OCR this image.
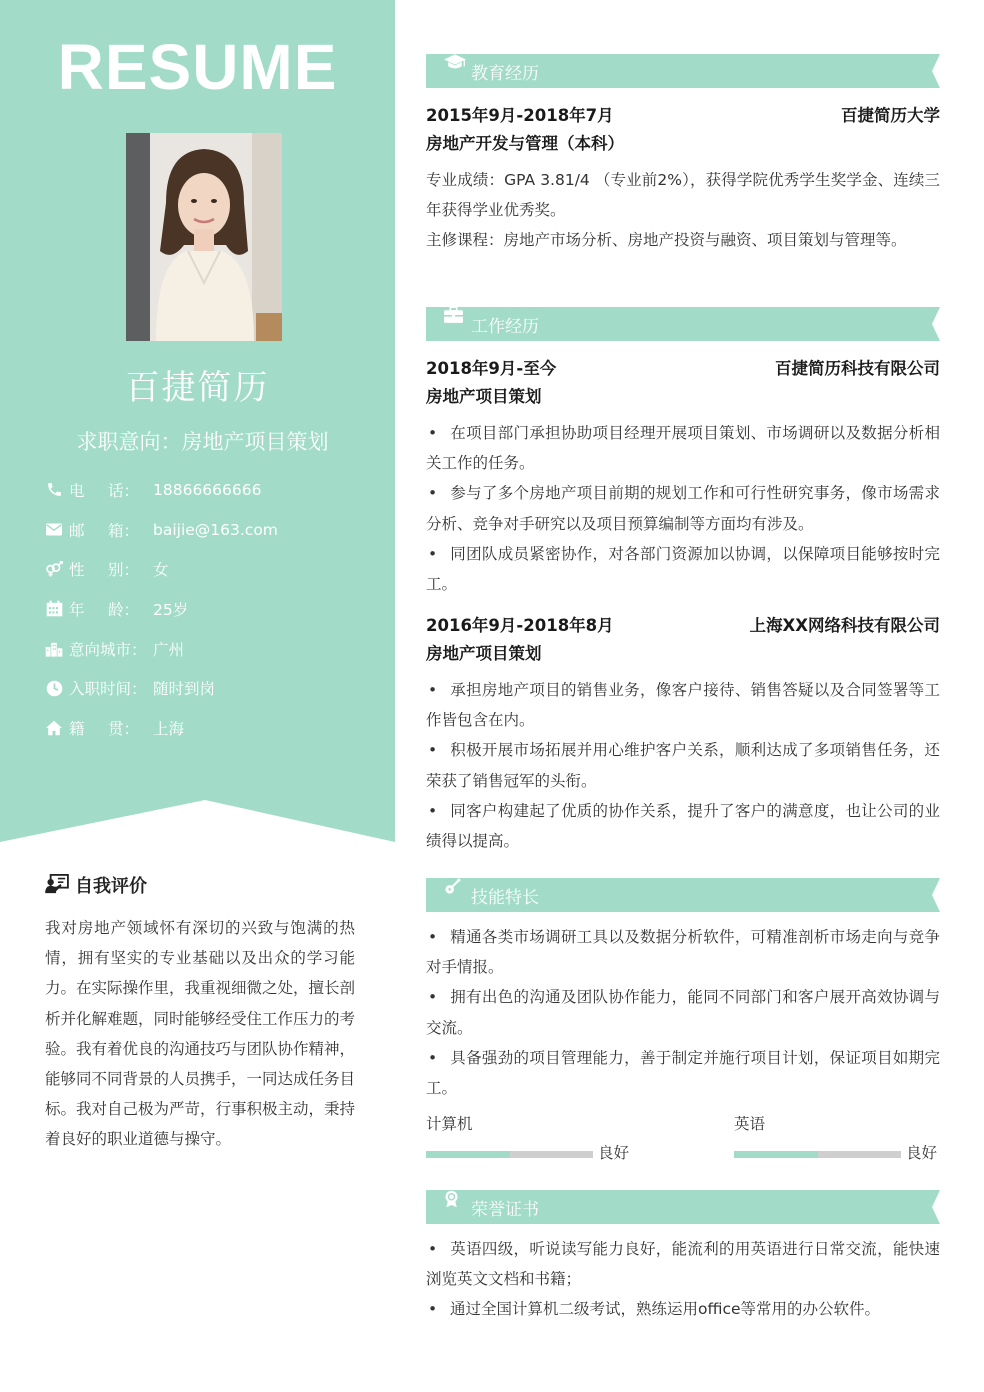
RESUME
百捷简历
求职意向：房地产项目策划
电 话： 18866666666
邮 箱： baijie@163.com
性 别： 女
年 龄： 25岁
意向城市： 广州
入职时间： 随时到岗
籍 贯： 上海
自我评价
我对房地产领域怀有深切的兴致与饱满的热情，拥有坚实的专业基础以及出众的学习能力。在实际操作里，我重视细微之处，擅长剖析并化解难题，同时能够经受住工作压力的考验。我有着优良的沟通技巧与团队协作精神，能够同不同背景的人员携手，一同达成任务目标。我对自己极为严苛，行事积极主动，秉持着良好的职业道德与操守。
教育经历
2015年9月-2018年7月	百捷简历大学
房地产开发与管理（本科）
专业成绩：GPA 3.81/4 （专业前2%），获得学院优秀学生奖学金、连续三年获得学业优秀奖。
主修课程：房地产市场分析、房地产投资与融资、项目策划与管理等。
工作经历
2018年9月-至今	百捷简历科技有限公司
房地产项目策划
• 在项目部门承担协助项目经理开展项目策划、市场调研以及数据分析相关工作的任务。
• 参与了多个房地产项目前期的规划工作和可行性研究事务，像市场需求分析、竞争对手研究以及项目预算编制等方面均有涉及。
• 同团队成员紧密协作，对各部门资源加以协调，以保障项目能够按时完工。
2016年9月-2018年8月	上海XX网络科技有限公司
房地产项目策划
• 承担房地产项目的销售业务，像客户接待、销售答疑以及合同签署等工作皆包含在内。
• 积极开展市场拓展并用心维护客户关系，顺利达成了多项销售任务，还荣获了销售冠军的头衔。
• 同客户构建起了优质的协作关系，提升了客户的满意度，也让公司的业绩得以提高。
技能特长
• 精通各类市场调研工具以及数据分析软件，可精准剖析市场走向与竞争对手情报。
• 拥有出色的沟通及团队协作能力，能同不同部门和客户展开高效协调与交流。
• 具备强劲的项目管理能力，善于制定并施行项目计划，保证项目如期完工。
计算机
良好
英语
良好
荣誉证书
• 英语四级，听说读写能力良好，能流利的用英语进行日常交流，能快速浏览英文文档和书籍；
• 通过全国计算机二级考试，熟练运用office等常用的办公软件。
